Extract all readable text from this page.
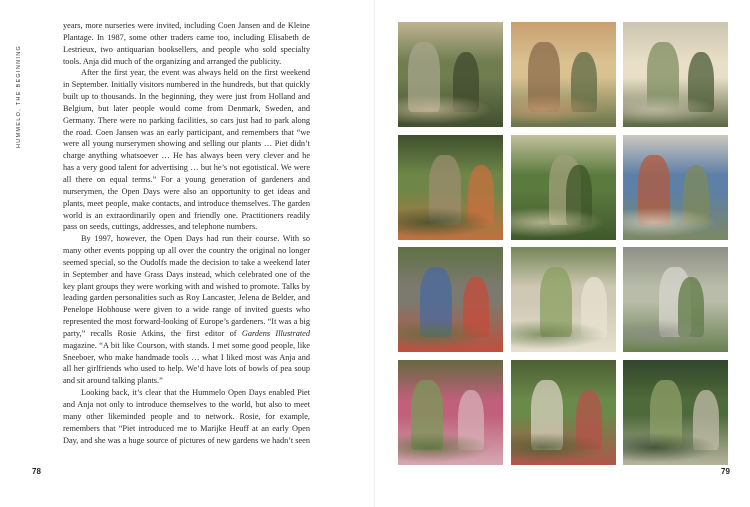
HUMMELO, THE BEGINNING

years, more nurseries were invited, including Coen Jansen and de Kleine Plantage. In 1987, some other traders came too, including Elisabeth de Lestrieux, two antiquarian booksellers, and people who sold specialty tools. Anja did much of the organizing and arranged the publicity.

After the first year, the event was always held on the first weekend in September. Initially visitors numbered in the hundreds, but that quickly built up to thousands. In the beginning, they were just from Holland and Belgium, but later people would come from Denmark, Sweden, and Germany. There were no parking facilities, so cars just had to park along the road. Coen Jansen was an early participant, and remembers that “we were all young nurserymen showing and selling our plants … Piet didn’t charge anything whatsoever … He has always been very clever and he has a very good talent for advertising … but he’s not egotistical. We were all there on equal terms.” For a young generation of gardeners and nurserymen, the Open Days were also an opportunity to get ideas and plants, meet people, make contacts, and introduce themselves. The garden world is an extraordinarily open and friendly one. Practitioners readily pass on seeds, cuttings, addresses, and telephone numbers.

By 1997, however, the Open Days had run their course. With so many other events popping up all over the country the original no longer seemed special, so the Oudolfs made the decision to take a weekend later in September and have Grass Days instead, which celebrated one of the key plant groups they were working with and wished to promote. Talks by leading garden personalities such as Roy Lancaster, Jelena de Belder, and Penelope Hobhouse were given to a wide range of invited guests who represented the most forward-looking of Europe’s gardeners. “It was a big party,” recalls Rosie Atkins, the first editor of Gardens Illustrated magazine. “A bit like Courson, with stands. I met some good people, like Sneeboer, who make handmade tools … what I liked most was Anja and all her girlfriends who used to help. We’d have lots of bowls of pea soup and sit around talking plants.”

Looking back, it’s clear that the Hummelo Open Days enabled Piet and Anja not only to introduce themselves to the world, but also to meet many other likeminded people and to network. Rosie, for example, remembers that “Piet introduced me to Marijke Heuff at an early Open Day, and she was a huge source of pictures of new gardens we hadn’t seen

78	79
